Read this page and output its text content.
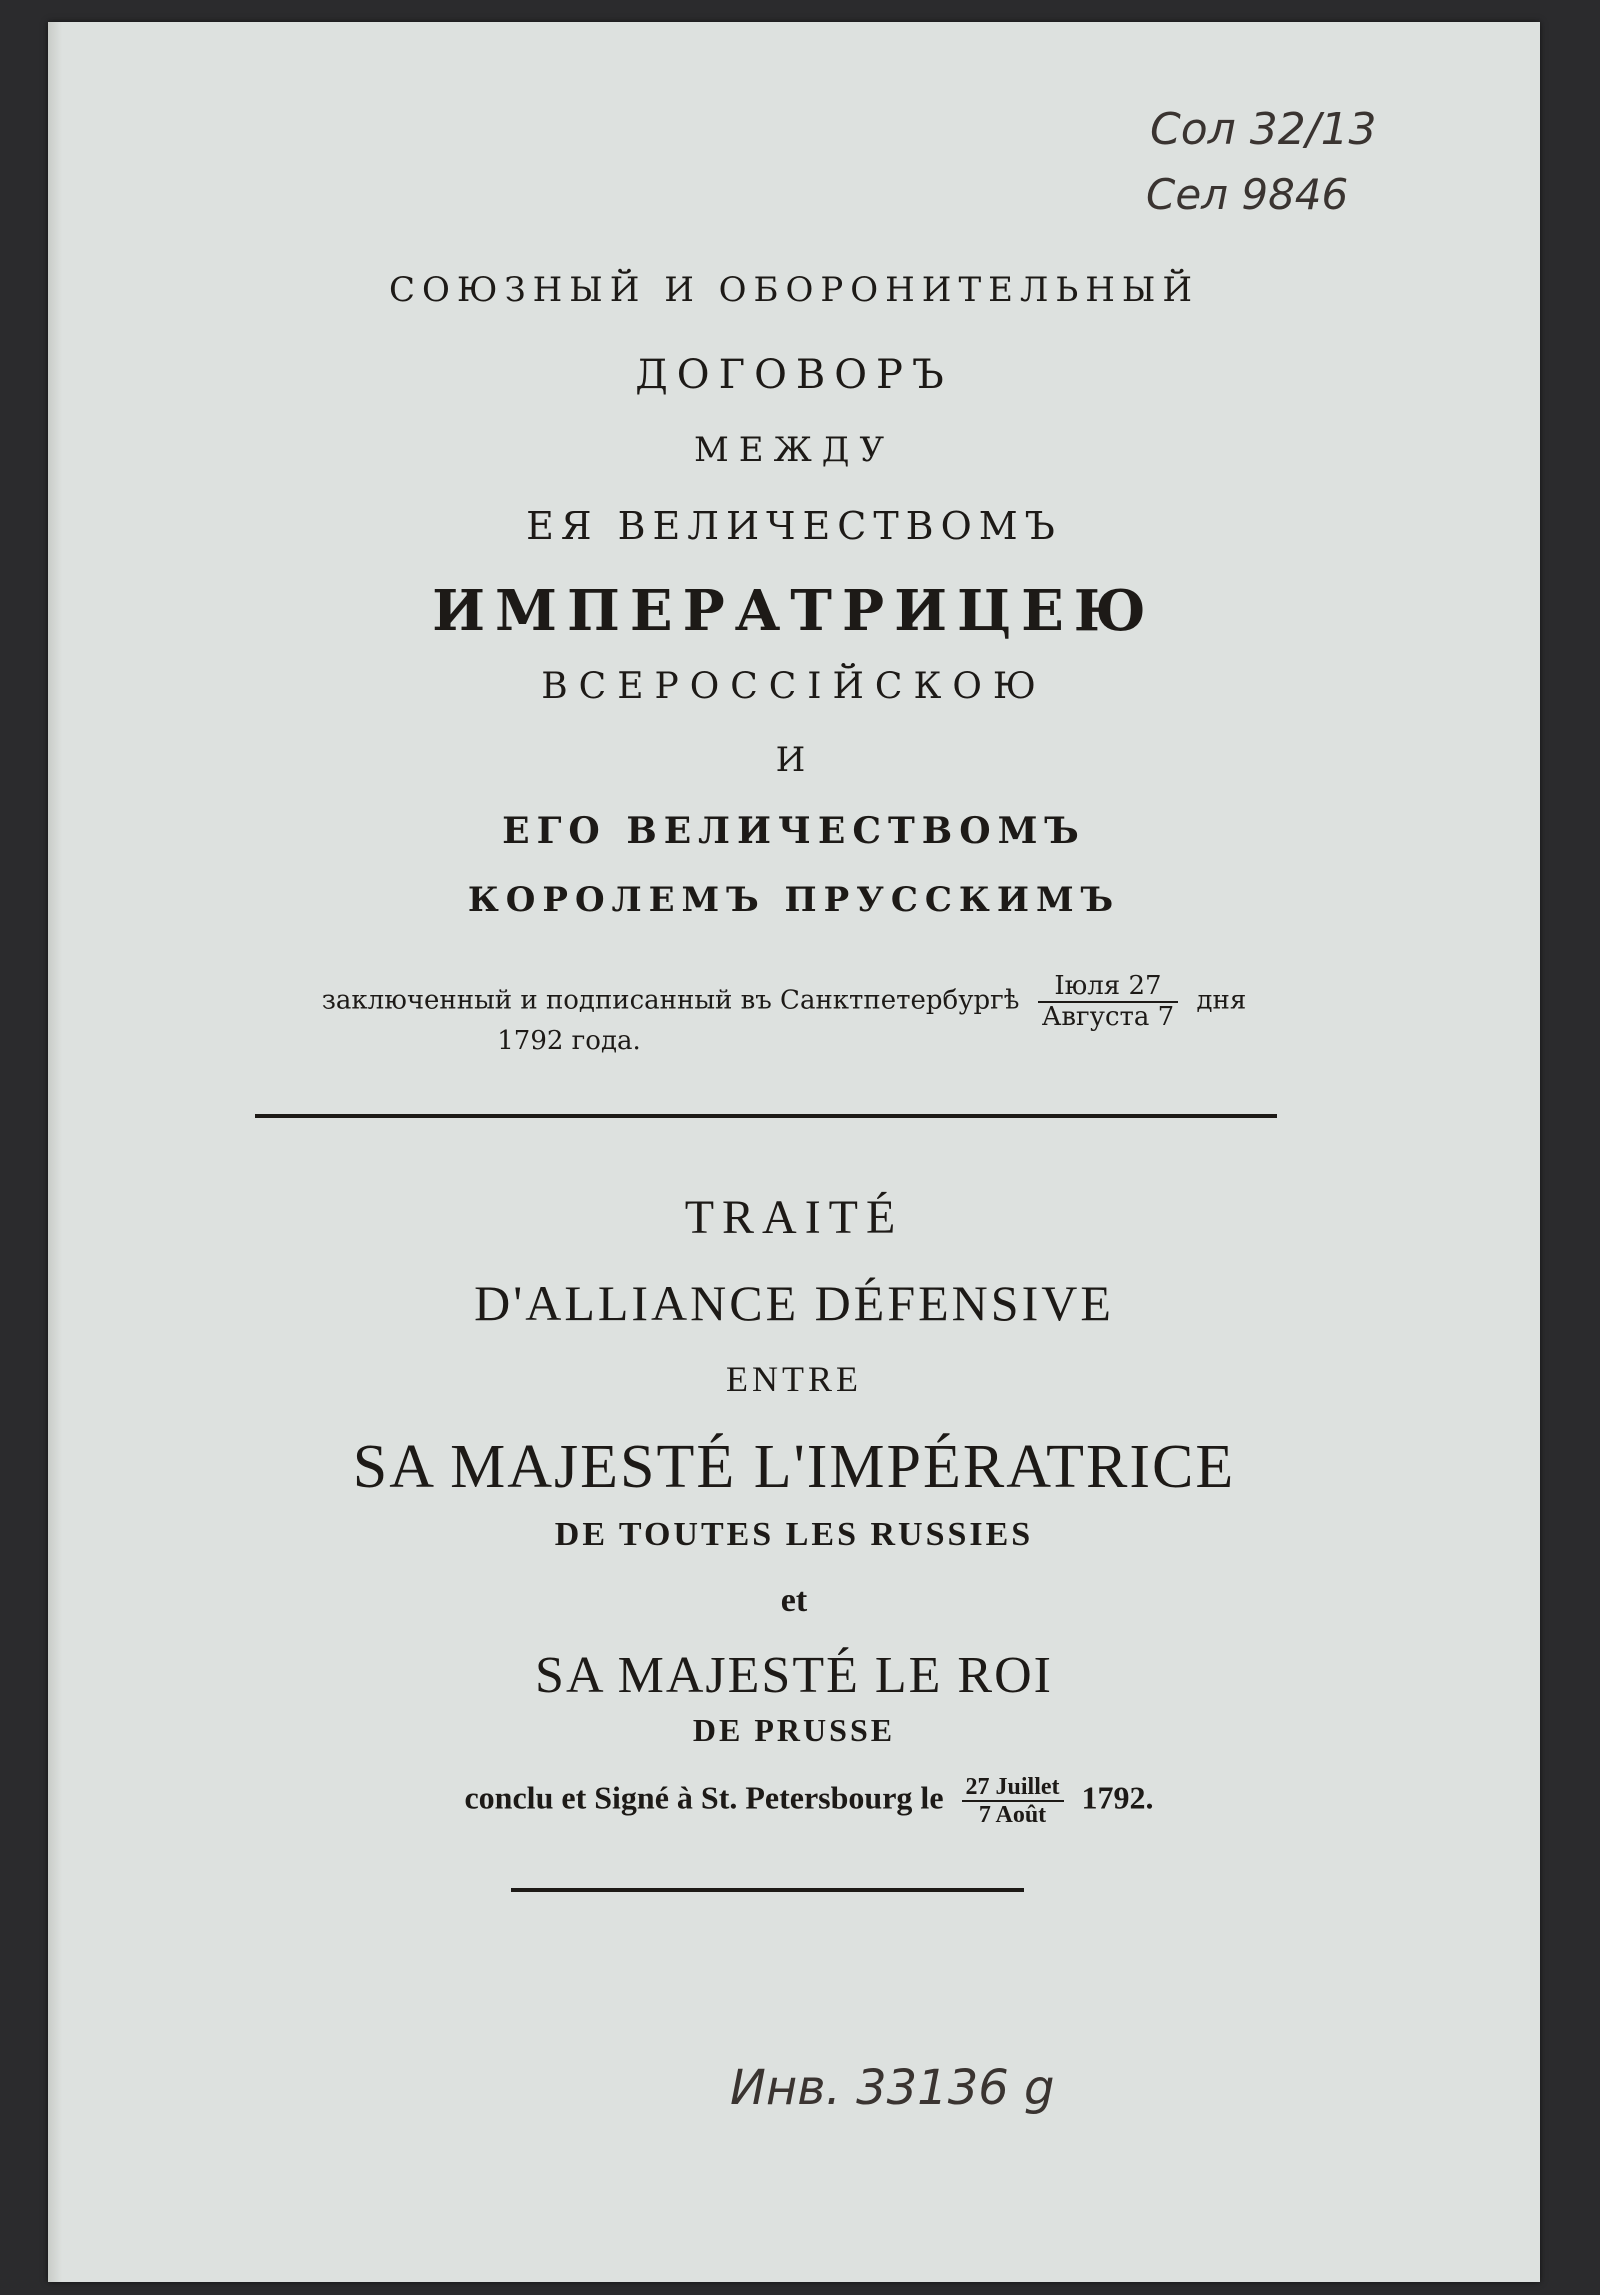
СОЮЗНЫЙ И ОБОРОНИТЕЛЬНЫЙ
ДОГОВОРЪ
МЕЖДУ
ЕЯ ВЕЛИЧЕСТВОМЪ
ИМПЕРАТРИЦЕЮ
ВСЕРОССІЙСКОЮ
И
ЕГО ВЕЛИЧЕСТВОМЪ
КОРОЛЕМЪ ПРУССКИМЪ
заключенный и подписанный въ Санктпетербургѣ $\frac{\text{Іюля 27}}{\text{Августа 7}}$ дня
1792 года.
TRAITÉ
D'ALLIANCE DÉFENSIVE
ENTRE
SA MAJESTÉ L'IMPÉRATRICE
DE TOUTES LES RUSSIES
et
SA MAJESTÉ LE ROI
DE PRUSSE
conclu et Signé à St. Petersbourg le $\frac{\text{27 Juillet}}{\text{7 Août}} 1792$.
Сол 32/13
Сел 9846
Инв. 33136 g
